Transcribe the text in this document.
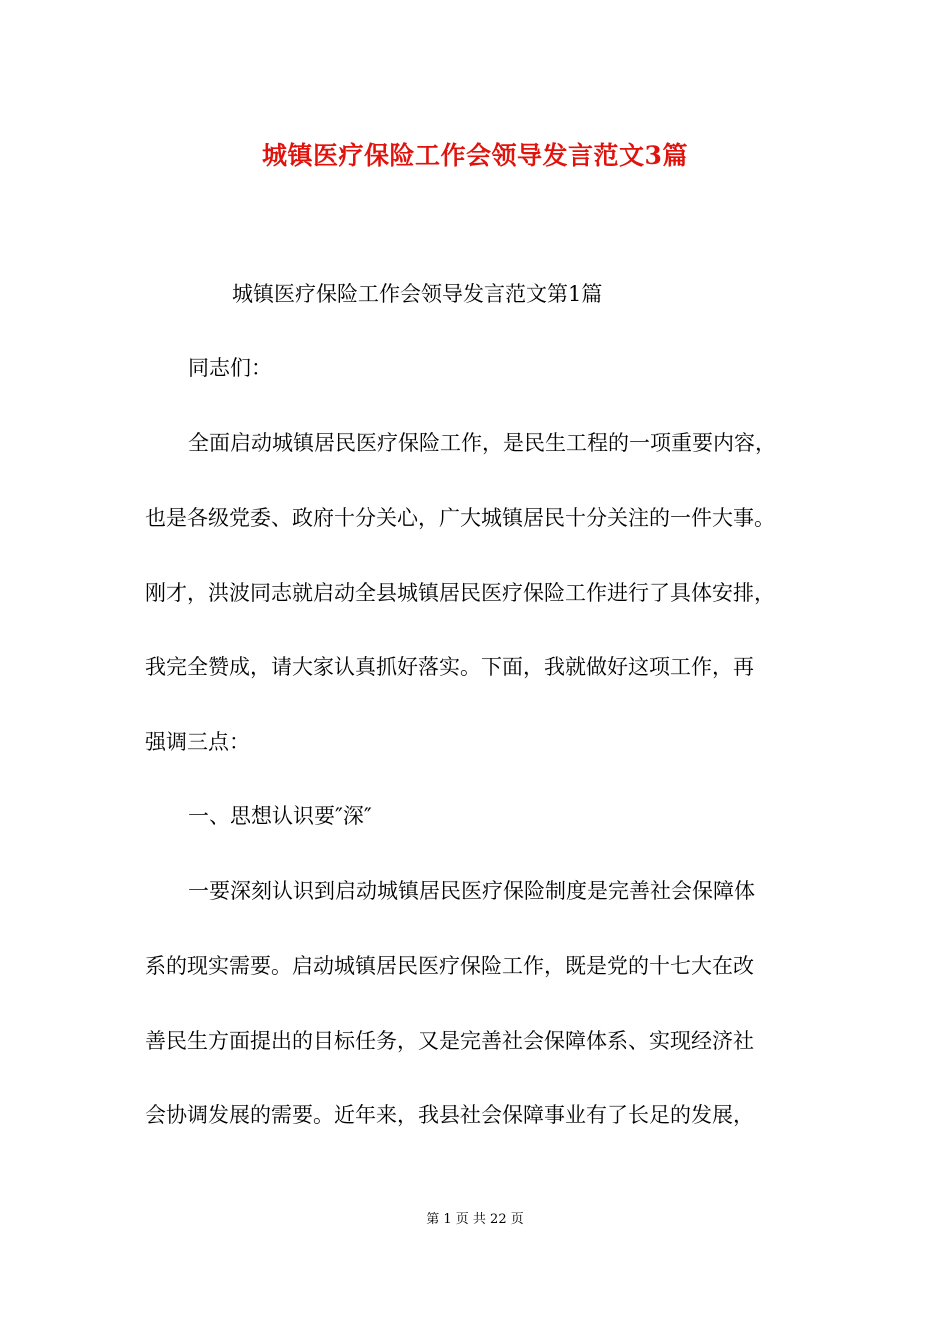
城镇医疗保险工作会领导发言范文3篇
城镇医疗保险工作会领导发言范文第1篇
同志们：
全面启动城镇居民医疗保险工作，是民生工程的一项重要内容，
也是各级党委、政府十分关心，广大城镇居民十分关注的一件大事。
刚才，洪波同志就启动全县城镇居民医疗保险工作进行了具体安排，
我完全赞成，请大家认真抓好落实。下面，我就做好这项工作，再
强调三点：
一、思想认识要″深″
一要深刻认识到启动城镇居民医疗保险制度是完善社会保障体
系的现实需要。启动城镇居民医疗保险工作，既是党的十七大在改
善民生方面提出的目标任务，又是完善社会保障体系、实现经济社
会协调发展的需要。近年来，我县社会保障事业有了长足的发展，
第 1 页 共 22 页
